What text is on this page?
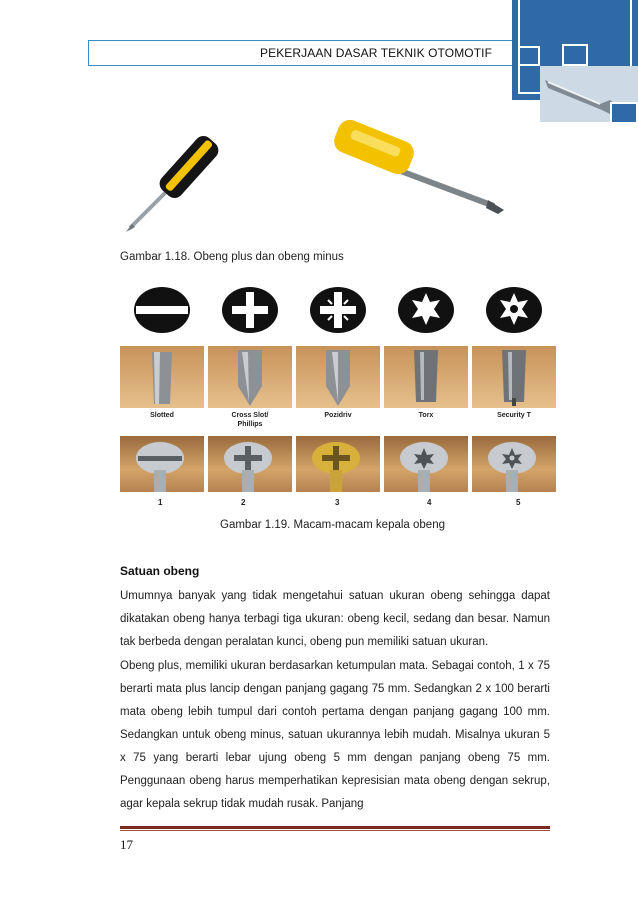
PEKERJAAN DASAR TEKNIK OTOMOTIF
Gambar 1.18. Obeng plus dan obeng minus
Slotted	Cross Slot/
Phillips
Pozidriv	Torx	Security T
1	2	3	4	5
Gambar 1.19. Macam-macam kepala obeng
Satuan obeng

Umumnya banyak yang tidak mengetahui satuan ukuran obeng sehingga dapat dikatakan obeng hanya terbagi tiga ukuran: obeng kecil, sedang dan besar. Namun tak berbeda dengan peralatan kunci, obeng pun memiliki satuan ukuran.

Obeng plus, memiliki ukuran berdasarkan ketumpulan mata. Sebagai contoh, 1 x 75 berarti mata plus lancip dengan panjang gagang 75 mm. Sedangkan 2 x 100 berarti mata obeng lebih tumpul dari contoh pertama dengan panjang gagang 100 mm. Sedangkan untuk obeng minus, satuan ukurannya lebih mudah. Misalnya ukuran 5 x 75 yang berarti lebar ujung obeng 5 mm dengan panjang obeng 75 mm. Penggunaan obeng harus memperhatikan kepresisian mata obeng dengan sekrup, agar kepala sekrup tidak mudah rusak. Panjang

17
